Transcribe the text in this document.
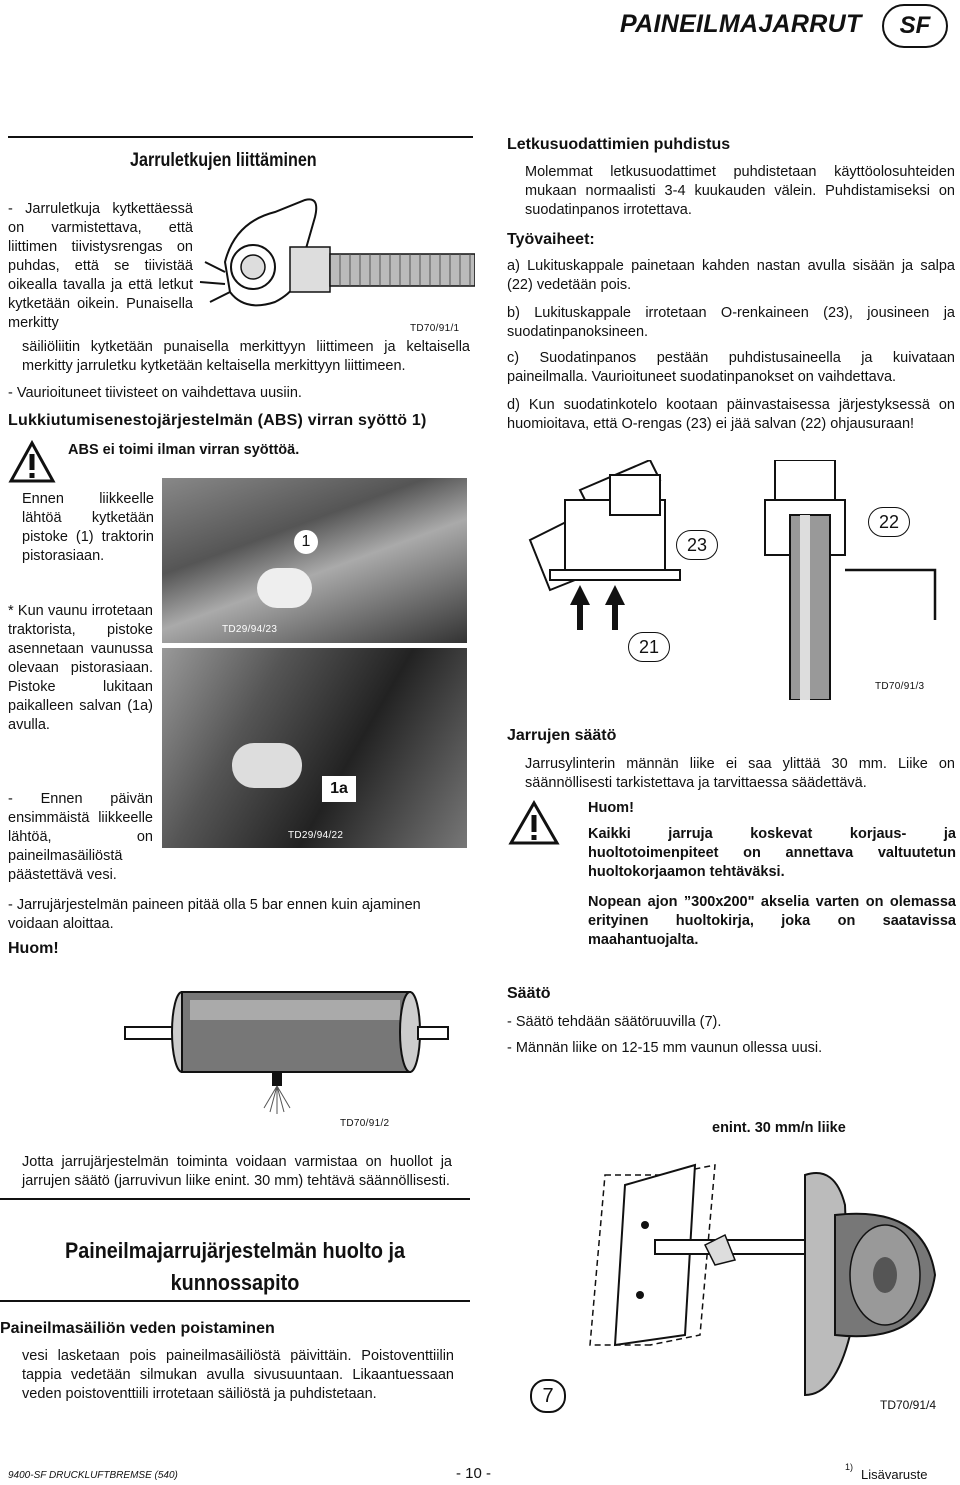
PAINEILMAJARRUT	SF
Jarruletkujen liittäminen
- Jarruletkuja kytkettäessä on varmistettava, että liittimen tiivistysrengas on puhdas, että se tiivistää oikealla tavalla ja että letkut kytketään oikein. Punaisella merkitty	TD70/91/1
säiliöliitin kytketään punaisella merkittyyn liittimeen ja keltaisella merkitty jarruletku kytketään keltaisella merkittyyn liittimeen.
- Vaurioituneet tiivisteet on vaihdettava uusiin.
Lukkiutumisenestojärjestelmän (ABS) virran syöttö 1)
ABS ei toimi ilman virran syöttöä.
1
TD29/94/23
Ennen liikkeelle lähtöä kytketään pistoke (1) traktorin pistorasiaan.
1a
TD29/94/22
* Kun vaunu irrotetaan traktorista, pistoke asennetaan vaunussa olevaan pistorasiaan. Pistoke lukitaan paikalleen salvan (1a) avulla.
- Ennen päivän ensimmäistä liikkeelle lähtöä, on paineilmasäiliöstä päästettävä vesi.
- Jarrujärjestelmän paineen pitää olla 5 bar ennen kuin ajaminen voidaan aloittaa.
Huom!
TD70/91/2
Jotta jarrujärjestelmän toiminta voidaan varmistaa on huollot ja jarrujen säätö (jarruvivun liike enint. 30 mm) tehtävä säännöllisesti.
Paineilmajarrujärjestelmän huolto ja kunnossapito
Paineilmasäiliön veden poistaminen
vesi lasketaan pois paineilmasäiliöstä päivittäin. Poistoventtiilin tappia vedetään silmukan avulla sivusuuntaan. Likaantuessaan veden poistoventtiili irrotetaan säiliöstä ja puhdistetaan.
Letkusuodattimien puhdistus
Molemmat letkusuodattimet puhdistetaan käyttöolosuhteiden mukaan normaalisti 3-4 kuukauden välein. Puhdistamiseksi on suodatinpanos irrotettava.
Työvaiheet:
a) Lukituskappale painetaan kahden nastan avulla sisään ja salpa (22) vedetään pois.
b) Lukituskappale irrotetaan O-renkaineen (23), jousineen ja suodatinpanoksineen.
c) Suodatinpanos pestään puhdistusaineella ja kuivataan paineilmalla. Vaurioituneet suodatinpanokset on vaihdettava.
d) Kun suodatinkotelo kootaan päinvastaisessa järjestyksessä on huomioitava, että O-rengas (23) ei jää salvan (22) ohjausuraan!
22
23
21
TD70/91/3
Jarrujen säätö
Jarrusylinterin männän liike ei saa ylittää 30 mm. Liike on säännöllisesti tarkistettava ja tarvittaessa säädettävä.
Huom!
Kaikki jarruja koskevat korjaus- ja huoltotoimenpiteet on annettava valtuutetun huoltokorjaamon tehtäväksi.
Nopean ajon ”300x200" akselia varten on olemassa erityinen huoltokirja, joka on saatavissa maahantuojalta.
Säätö
- Säätö tehdään säätöruuvilla (7).
- Männän liike on 12-15 mm vaunun ollessa uusi.
enint. 30 mm/n liike
7	TD70/91/4
9400-SF DRUCKLUFTBREMSE (540)	- 10 -	1) Lisävaruste
